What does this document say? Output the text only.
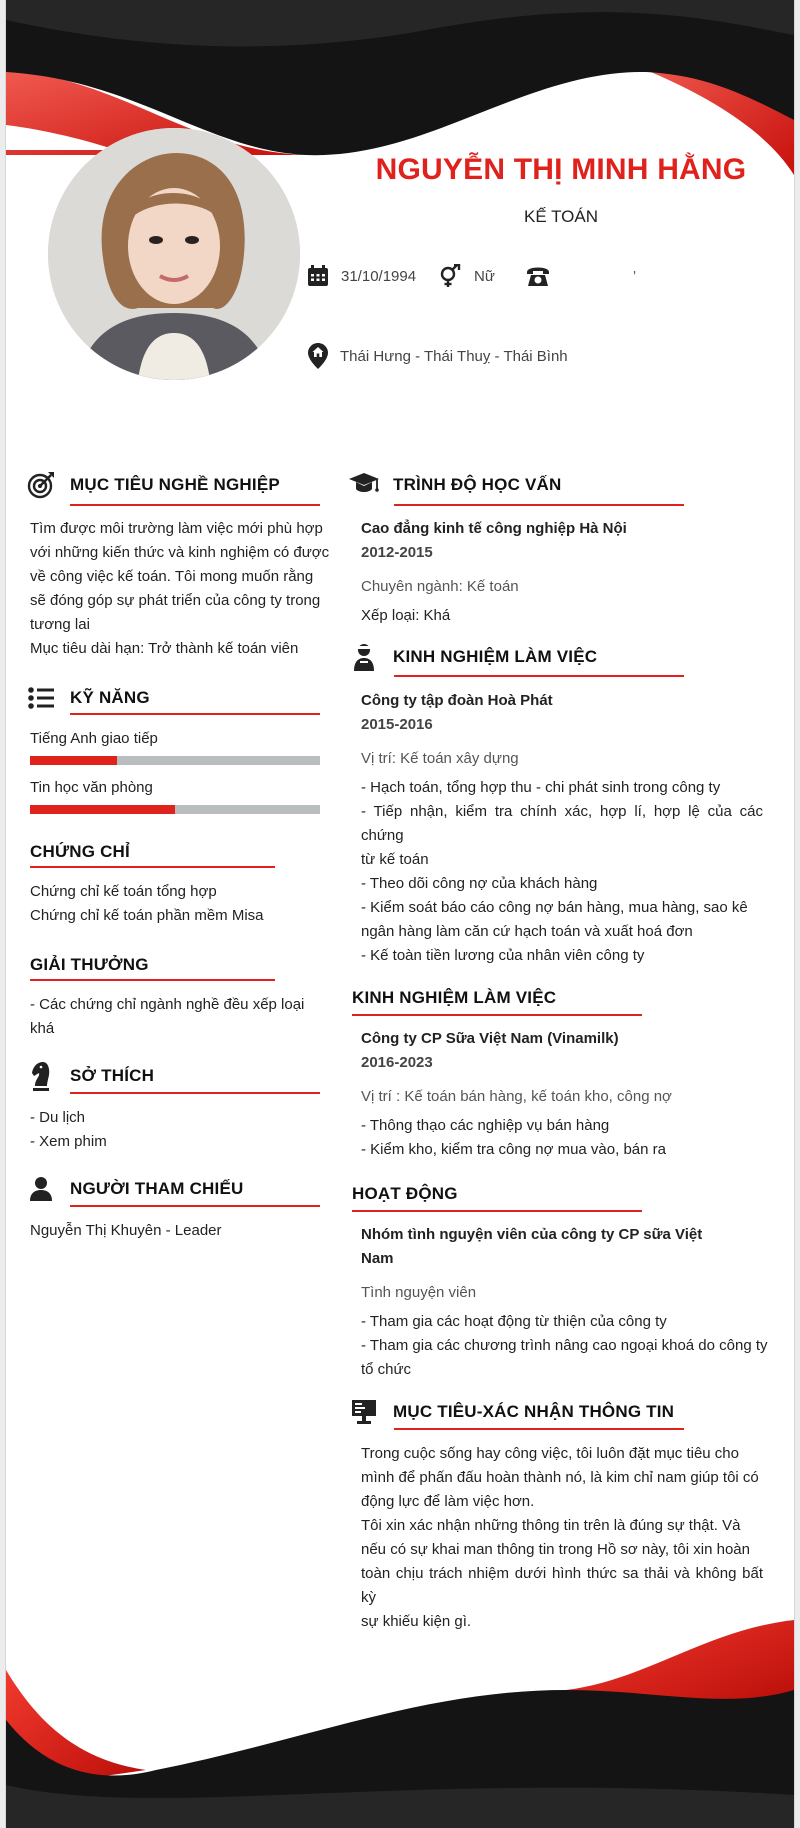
NGUYỄN THỊ MINH HẰNG
KẾ TOÁN
31/10/1994	Nữ	'
Thái Hưng - Thái Thuỵ - Thái Bình
MỤC TIÊU NGHỀ NGHIỆP

Tìm được môi trường làm việc mới phù hợp

với những kiến thức và kinh nghiệm có được

về công việc kế toán. Tôi mong muốn rằng

sẽ đóng góp sự phát triển của công ty trong

tương lai

Mục tiêu dài hạn: Trở thành kế toán viên

KỸ NĂNG
Tiếng Anh giao tiếp
Tin học văn phòng
CHỨNG CHỈ

Chứng chỉ kế toán tổng hợp

Chứng chỉ kế toán phần mềm Misa

GIẢI THƯỞNG

- Các chứng chỉ ngành nghề đều xếp loại

khá

SỞ THÍCH

- Du lịch

- Xem phim

NGƯỜI THAM CHIẾU
Nguyễn Thị Khuyên - Leader
TRÌNH ĐỘ HỌC VẤN
Cao đẳng kinh tế công nghiệp Hà Nội
2012-2015
Chuyên ngành: Kế toán
Xếp loại: Khá
KINH NGHIỆM LÀM VIỆC
Công ty tập đoàn Hoà Phát
2015-2016
Vị trí: Kế toán xây dựng

- Hạch toán, tổng hợp thu - chi phát sinh trong công ty

- Tiếp nhận, kiểm tra chính xác, hợp lí, hợp lệ của các chứng

từ kế toán

- Theo dõi công nợ của khách hàng

- Kiểm soát báo cáo công nợ bán hàng, mua hàng, sao kê

ngân hàng làm căn cứ hạch toán và xuất hoá đơn

- Kế toàn tiền lương của nhân viên công ty

KINH NGHIỆM LÀM VIỆC
Công ty CP Sữa Việt Nam (Vinamilk)
2016-2023
Vị trí : Kế toán bán hàng, kế toán kho, công nợ

- Thông thạo các nghiệp vụ bán hàng

- Kiểm kho, kiểm tra công nợ mua vào, bán ra

HOẠT ĐỘNG

Nhóm tình nguyện viên của công ty CP sữa Việt

Nam

Tình nguyện viên

- Tham gia các hoạt động từ thiện của công ty

- Tham gia các chương trình nâng cao ngoại khoá do công ty

tổ chức

MỤC TIÊU-XÁC NHẬN THÔNG TIN

Trong cuộc sống hay công việc, tôi luôn đặt mục tiêu cho

mình để phấn đấu hoàn thành nó, là kim chỉ nam giúp tôi có

động lực để làm việc hơn.

Tôi xin xác nhận những thông tin trên là đúng sự thật. Và

nếu có sự khai man thông tin trong Hồ sơ này, tôi xin hoàn

toàn chịu trách nhiệm dưới hình thức sa thải và không bất kỳ

sự khiếu kiện gì.
